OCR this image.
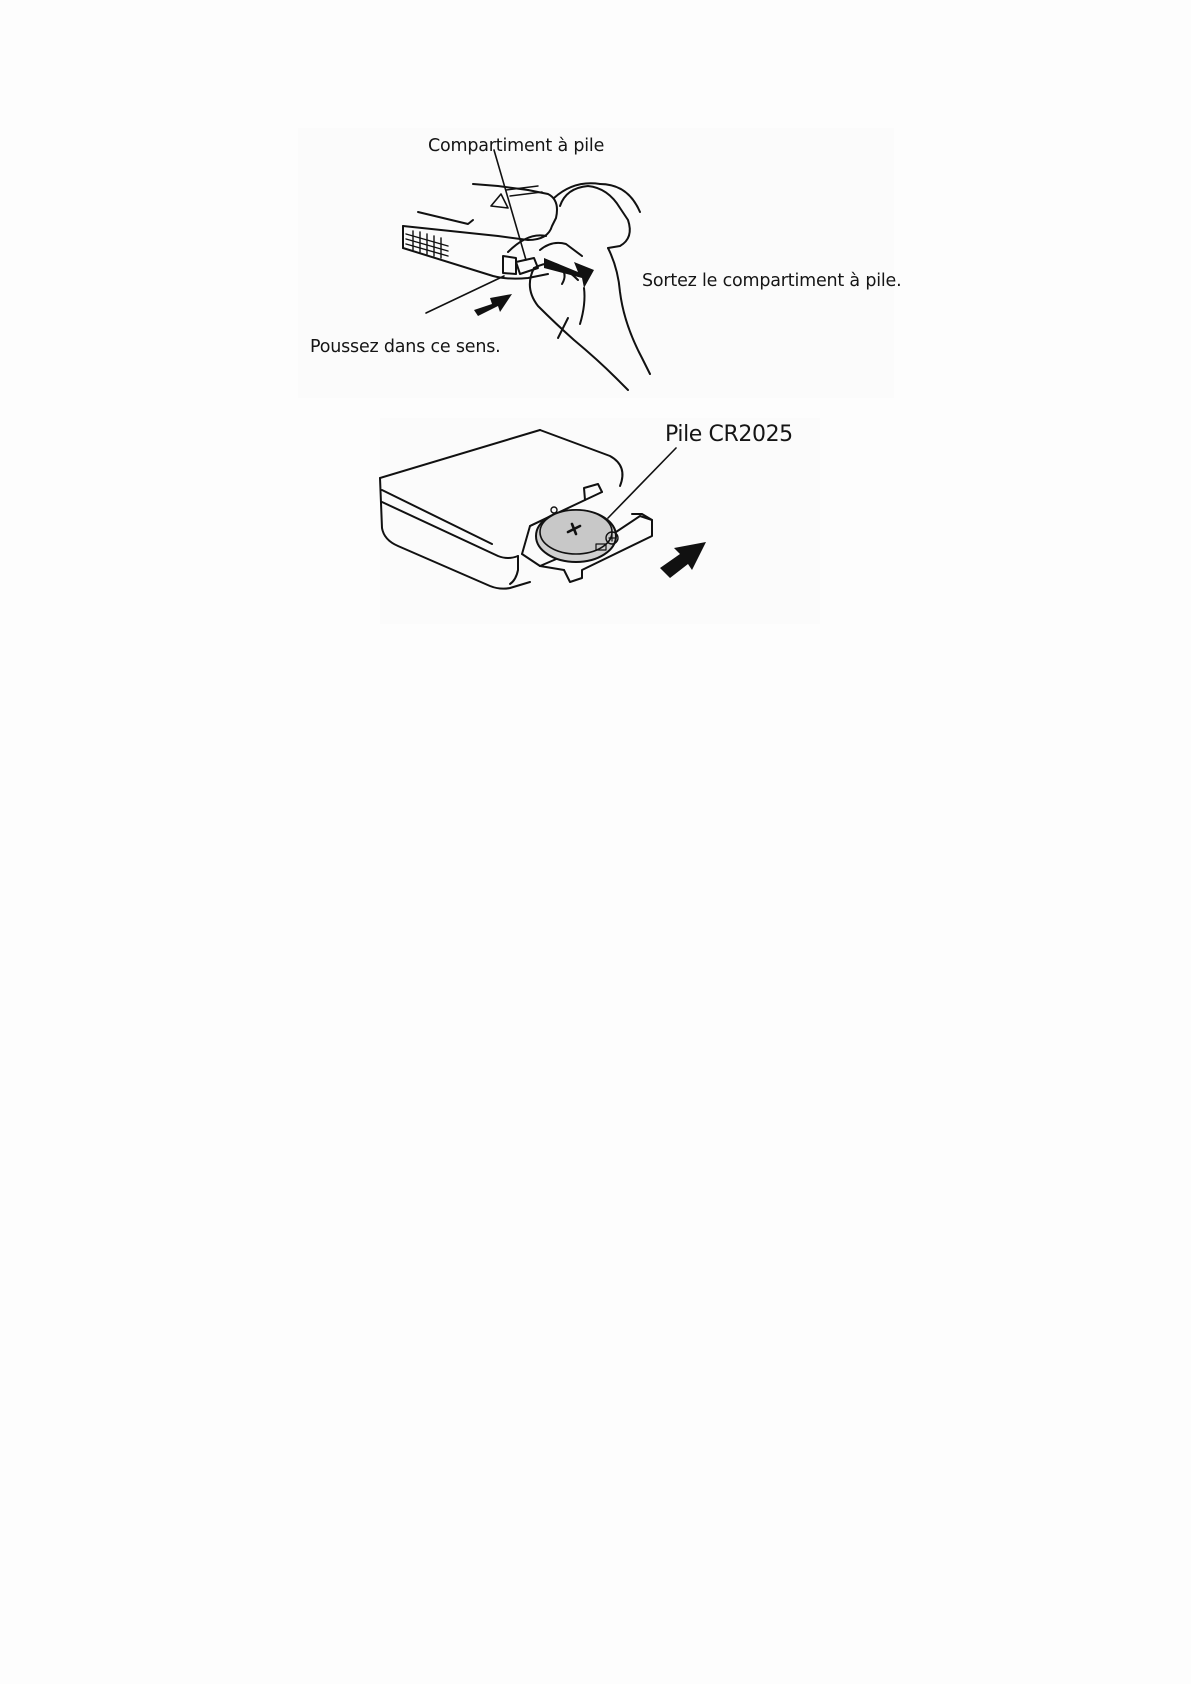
Compartiment à pile
Sortez le compartiment à pile.
Poussez dans ce sens.
Pile CR2025
